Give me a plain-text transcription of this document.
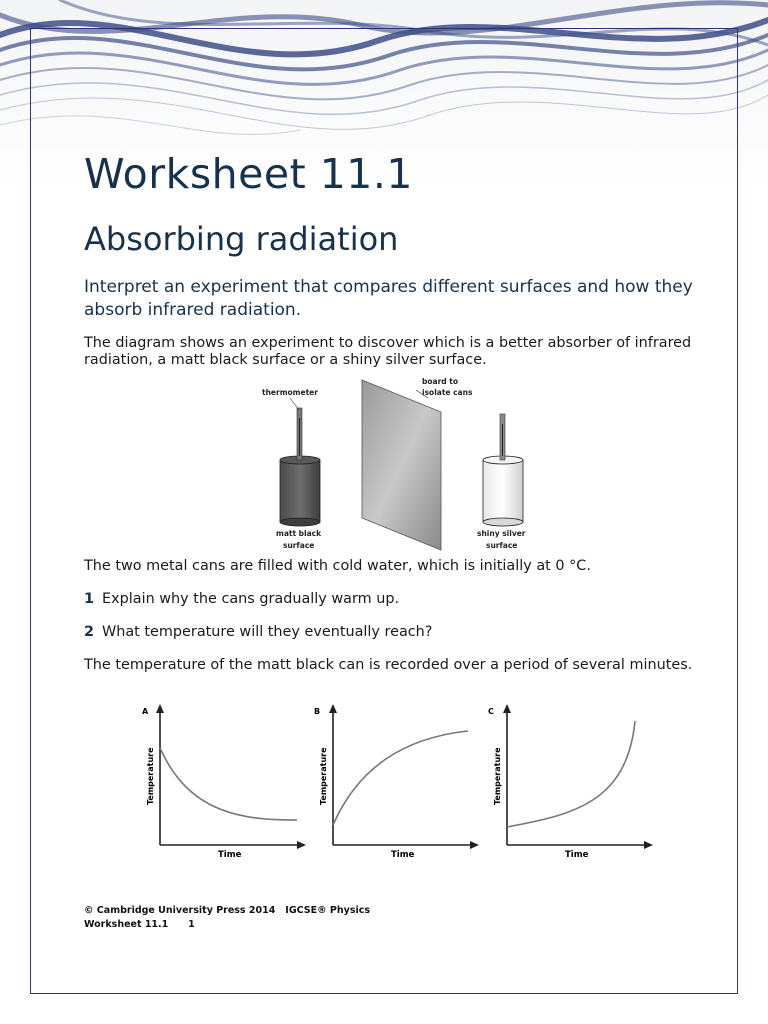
Worksheet 11.1
Absorbing radiation

Interpret an experiment that compares different surfaces and how they absorb infrared radiation.

The diagram shows an experiment to discover which is a better absorber of infrared radiation, a matt black surface or a shiny silver surface.

thermometer
matt black
surface
board to
isolate cans
shiny silver
surface

The two metal cans are filled with cold water, which is initially at 0 °C.

1 Explain why the cans gradually warm up.

2 What temperature will they eventually reach?

The temperature of the matt black can is recorded over a period of several minutes.

A
Time
Temperature
B
Time
Temperature
C
Time
Temperature
© Cambridge University Press 2014 IGCSE® Physics
Worksheet 11.1 1
